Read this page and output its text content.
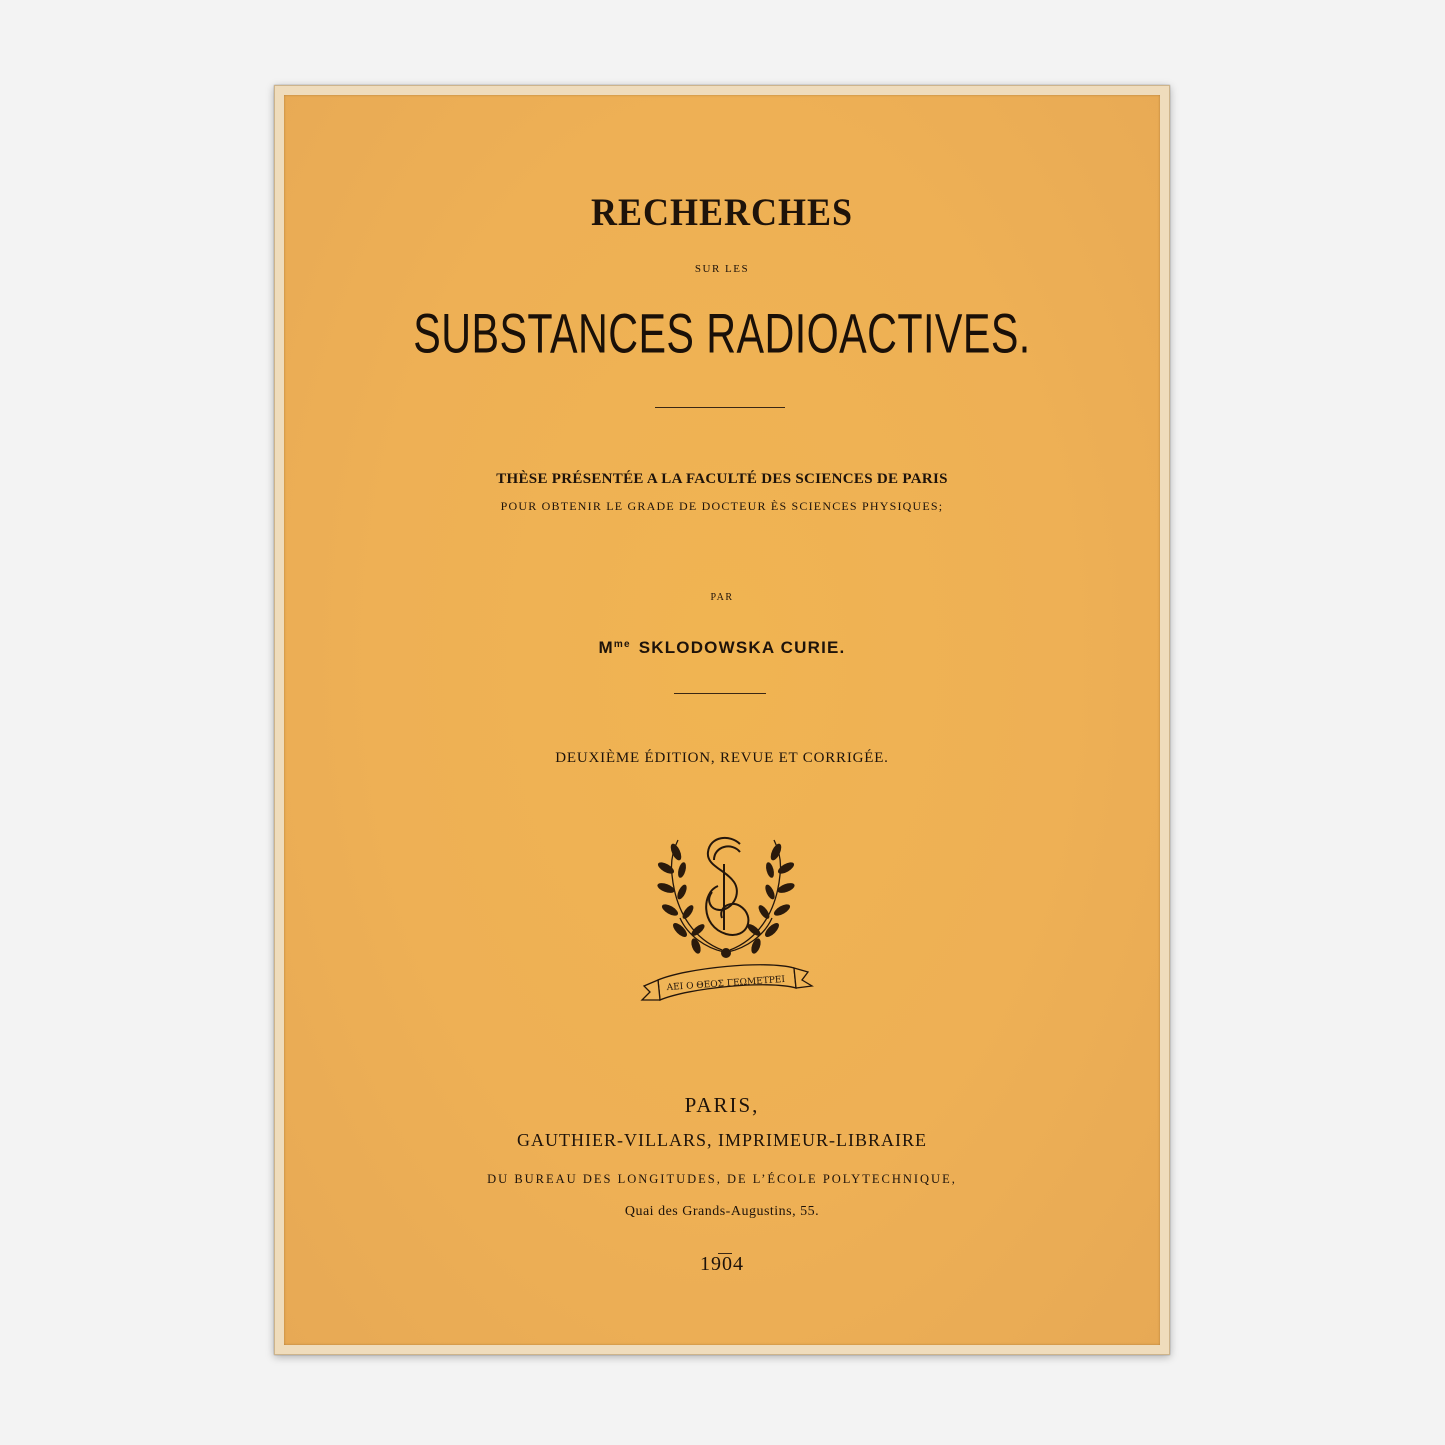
RECHERCHES
SUR LES
SUBSTANCES RADIOACTIVES.
THÈSE PRÉSENTÉE A LA FACULTÉ DES SCIENCES DE PARIS
POUR OBTENIR LE GRADE DE DOCTEUR ÈS SCIENCES PHYSIQUES;
PAR
$M^{me}$ SKLODOWSKA CURIE.
DEUXIÈME ÉDITION, REVUE ET CORRIGÉE.
ΑΕΙ Ο ΘΕΟΣ ΓΕΩΜΕΤΡΕΙ
PARIS,
GAUTHIER-VILLARS, IMPRIMEUR-LIBRAIRE
DU BUREAU DES LONGITUDES, DE L’ÉCOLE POLYTECHNIQUE,
Quai des Grands-Augustins, 55.
1904
